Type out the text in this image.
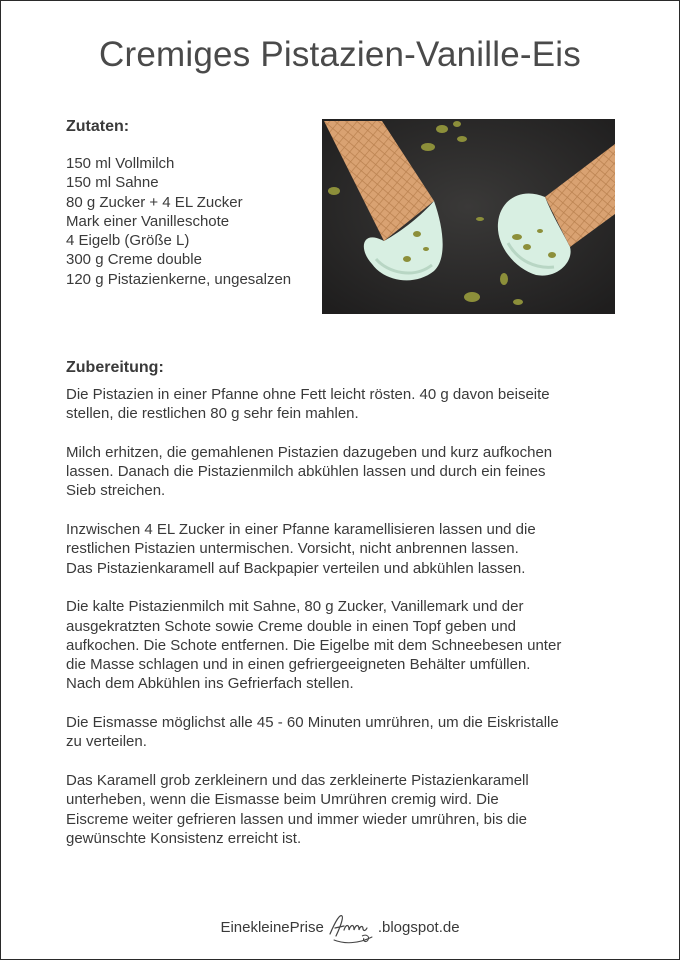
Cremiges Pistazien-Vanille-Eis
Zutaten:
150 ml Vollmilch
150 ml Sahne
80 g Zucker + 4 EL Zucker
Mark einer Vanilleschote
4 Eigelb (Größe L)
300 g Creme double
120 g Pistazienkerne, ungesalzen
Zubereitung:

Die Pistazien in einer Pfanne ohne Fett leicht rösten. 40 g davon beiseite
stellen, die restlichen 80 g sehr fein mahlen.

Milch erhitzen, die gemahlenen Pistazien dazugeben und kurz aufkochen
lassen. Danach die Pistazienmilch abkühlen lassen und durch ein feines
Sieb streichen.

Inzwischen 4 EL Zucker in einer Pfanne karamellisieren lassen und die
restlichen Pistazien untermischen. Vorsicht, nicht anbrennen lassen.
Das Pistazienkaramell auf Backpapier verteilen und abkühlen lassen.

Die kalte Pistazienmilch mit Sahne, 80 g Zucker, Vanillemark und der
ausgekratzten Schote sowie Creme double in einen Topf geben und
aufkochen. Die Schote entfernen. Die Eigelbe mit dem Schneebesen unter
die Masse schlagen und in einen gefriergeeigneten Behälter umfüllen.
Nach dem Abkühlen ins Gefrierfach stellen.

Die Eismasse möglichst alle 45 - 60 Minuten umrühren, um die Eiskristalle
zu verteilen.

Das Karamell grob zerkleinern und das zerkleinerte Pistazienkaramell
unterheben, wenn die Eismasse beim Umrühren cremig wird. Die
Eiscreme weiter gefrieren lassen und immer wieder umrühren, bis die
gewünschte Konsistenz erreicht ist.

EinekleinePrise	.blogspot.de
